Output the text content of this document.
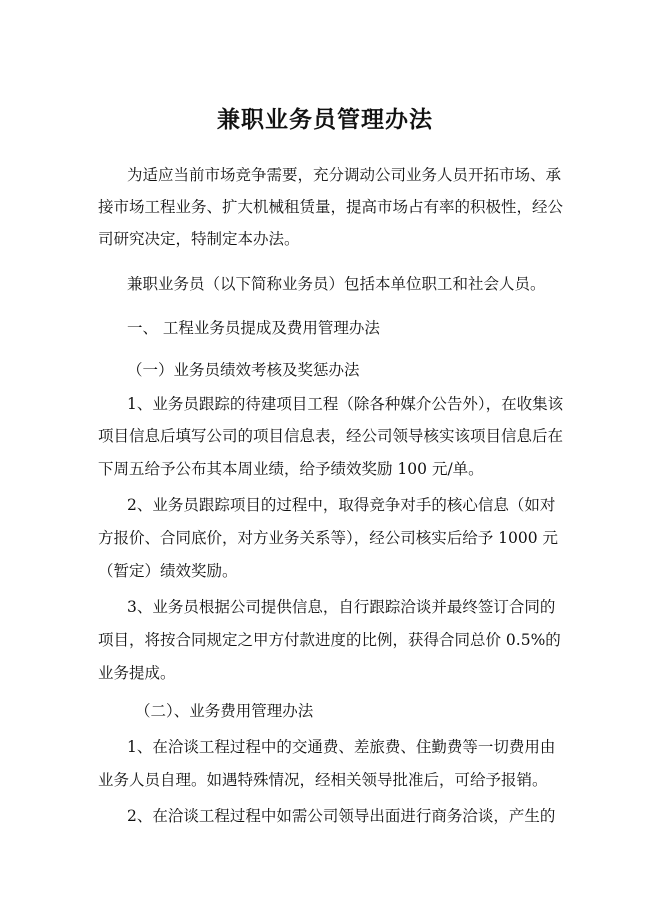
兼职业务员管理办法
为适应当前市场竞争需要，充分调动公司业务人员开拓市场、承
接市场工程业务、扩大机械租赁量，提高市场占有率的积极性，经公
司研究决定，特制定本办法。
兼职业务员（以下简称业务员）包括本单位职工和社会人员。
一、 工程业务员提成及费用管理办法
（一）业务员绩效考核及奖惩办法
1、业务员跟踪的待建项目工程（除各种媒介公告外），在收集该
项目信息后填写公司的项目信息表，经公司领导核实该项目信息后在
下周五给予公布其本周业绩，给予绩效奖励 100 元/单。
2、业务员跟踪项目的过程中，取得竞争对手的核心信息（如对
方报价、合同底价，对方业务关系等），经公司核实后给予 1000 元
（暂定）绩效奖励。
3、业务员根据公司提供信息，自行跟踪洽谈并最终签订合同的
项目，将按合同规定之甲方付款进度的比例，获得合同总价 0.5%的
业务提成。
（二）、业务费用管理办法
1、在洽谈工程过程中的交通费、差旅费、住勤费等一切费用由
业务人员自理。如遇特殊情况，经相关领导批准后，可给予报销。
2、在洽谈工程过程中如需公司领导出面进行商务洽谈，产生的
